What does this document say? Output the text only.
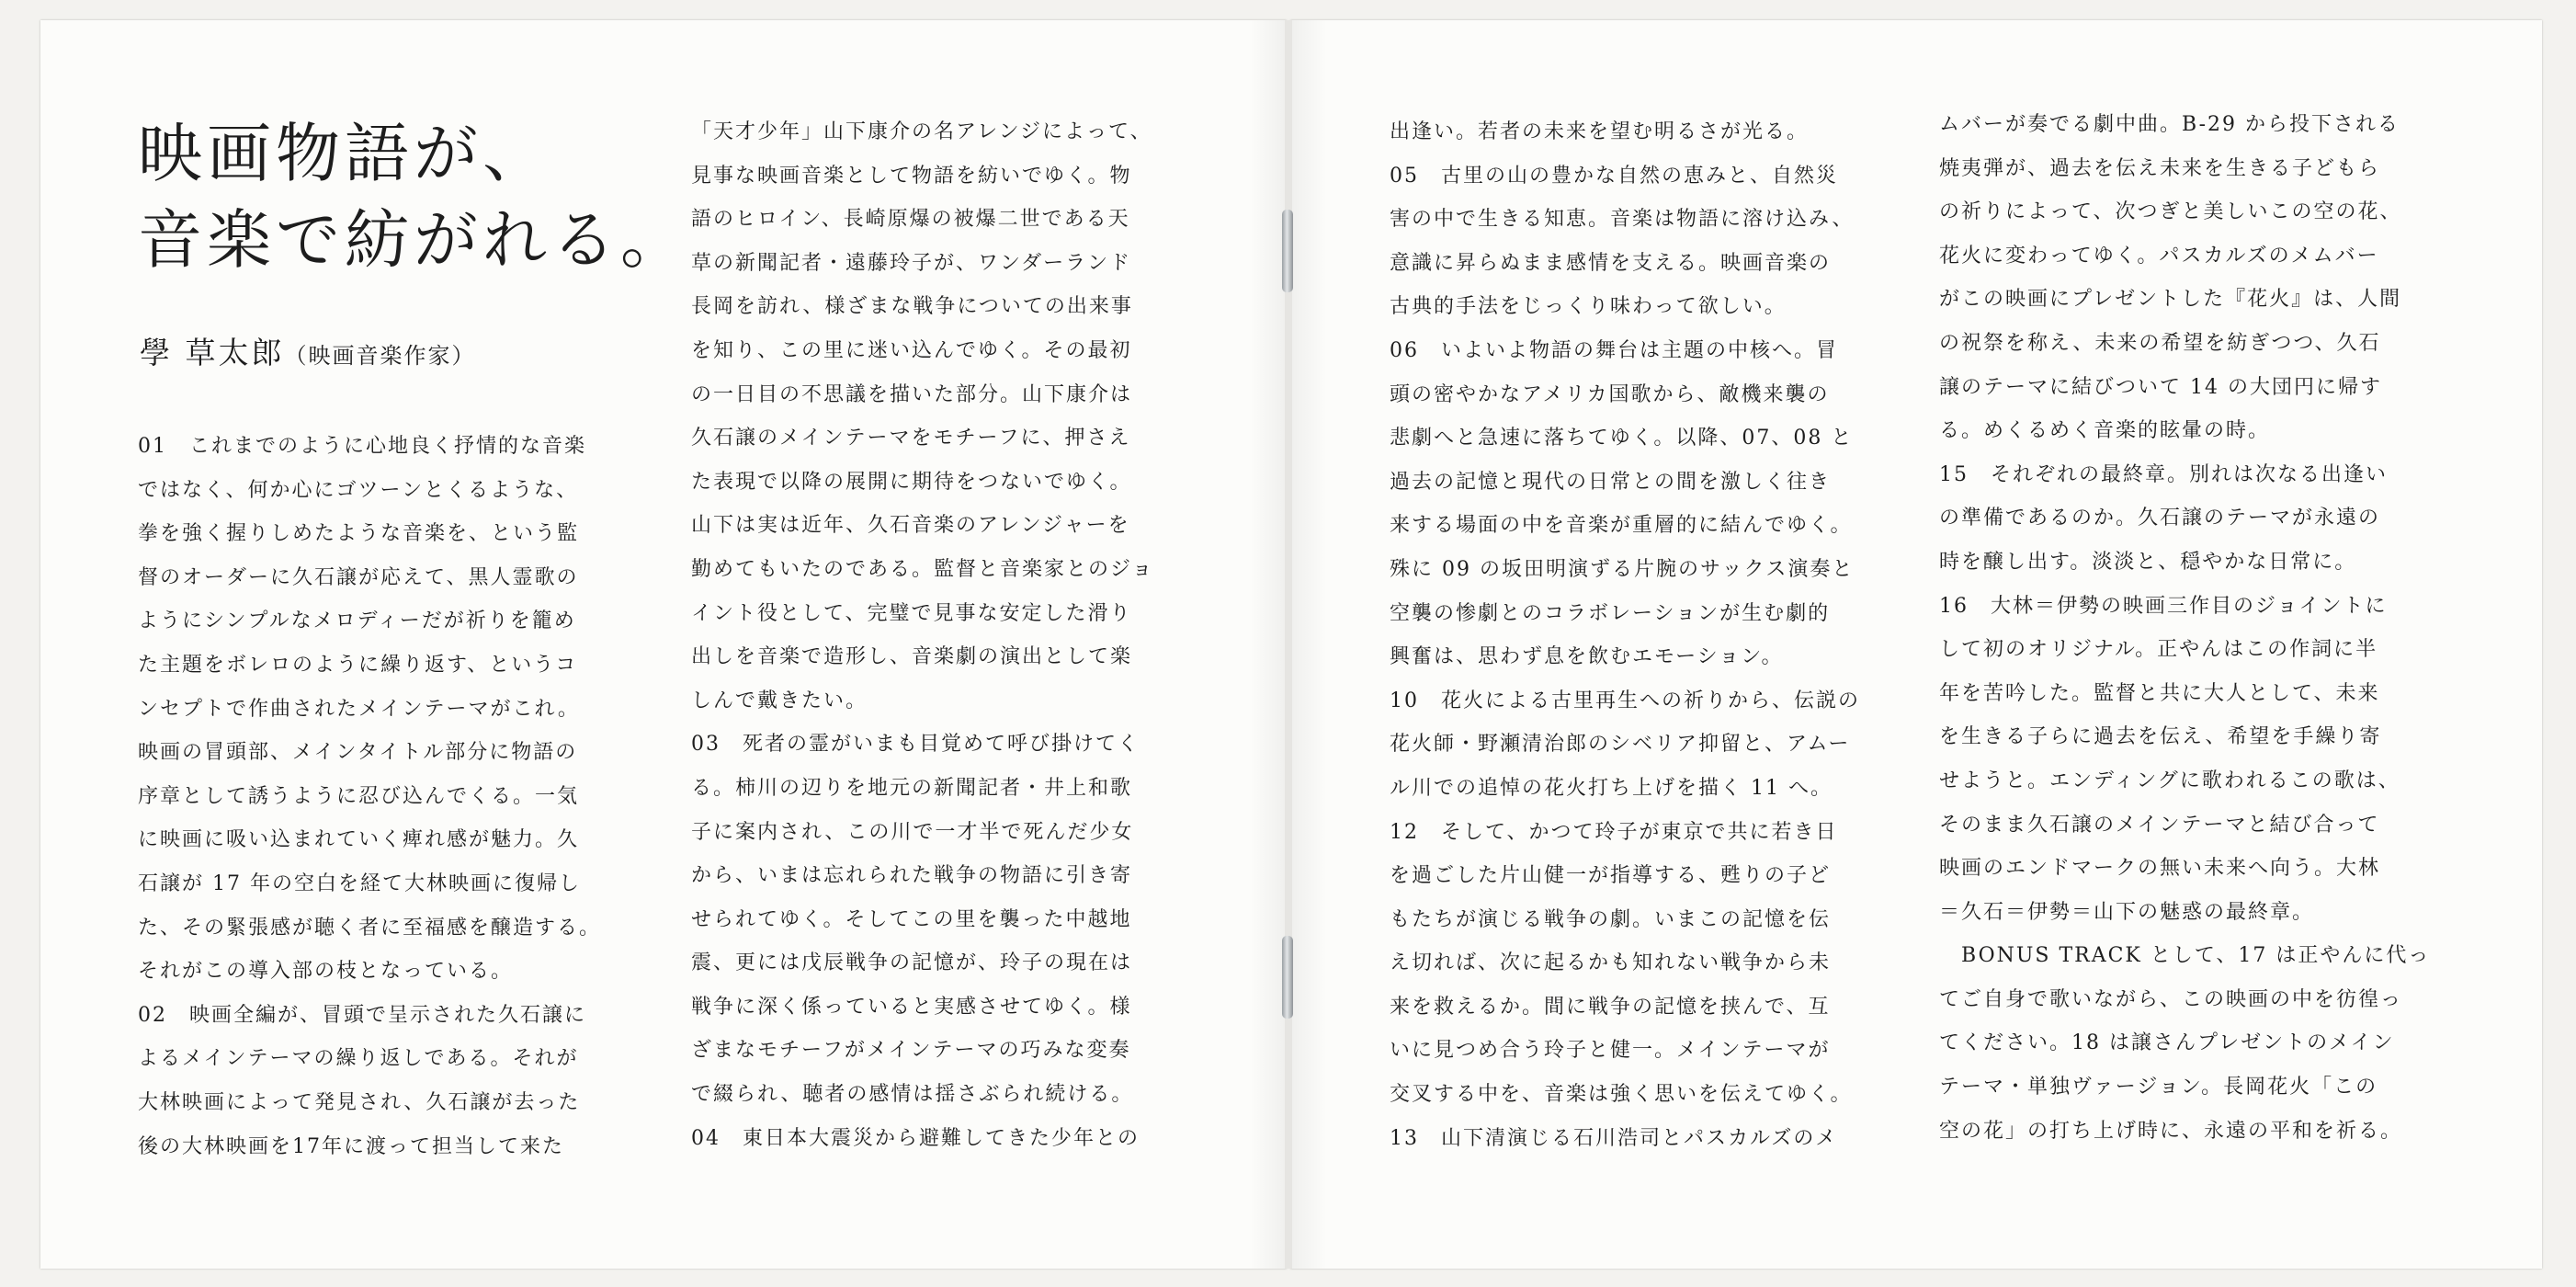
映画物語が、
音楽で紡がれる。
學 草太郎（映画音楽作家）
01　これまでのように心地良く抒情的な音楽
ではなく、何か心にゴツーンとくるような、
拳を強く握りしめたような音楽を、という監
督のオーダーに久石譲が応えて、黒人霊歌の
ようにシンプルなメロディーだが祈りを籠め
た主題をボレロのように繰り返す、というコ
ンセプトで作曲されたメインテーマがこれ。
映画の冒頭部、メインタイトル部分に物語の
序章として誘うように忍び込んでくる。一気
に映画に吸い込まれていく痺れ感が魅力。久
石譲が 17 年の空白を経て大林映画に復帰し
た、その緊張感が聴く者に至福感を醸造する。
それがこの導入部の枝となっている。
02　映画全編が、冒頭で呈示された久石譲に
よるメインテーマの繰り返しである。それが
大林映画によって発見され、久石譲が去った
後の大林映画を17年に渡って担当して来た
「天才少年」山下康介の名アレンジによって、
見事な映画音楽として物語を紡いでゆく。物
語のヒロイン、長崎原爆の被爆二世である天
草の新聞記者・遠藤玲子が、ワンダーランド
長岡を訪れ、様ざまな戦争についての出来事
を知り、この里に迷い込んでゆく。その最初
の一日目の不思議を描いた部分。山下康介は
久石譲のメインテーマをモチーフに、押さえ
た表現で以降の展開に期待をつないでゆく。
山下は実は近年、久石音楽のアレンジャーを
勤めてもいたのである。監督と音楽家とのジョ
イント役として、完璧で見事な安定した滑り
出しを音楽で造形し、音楽劇の演出として楽
しんで戴きたい。
03　死者の霊がいまも目覚めて呼び掛けてく
る。柿川の辺りを地元の新聞記者・井上和歌
子に案内され、この川で一才半で死んだ少女
から、いまは忘れられた戦争の物語に引き寄
せられてゆく。そしてこの里を襲った中越地
震、更には戊辰戦争の記憶が、玲子の現在は
戦争に深く係っていると実感させてゆく。様
ざまなモチーフがメインテーマの巧みな変奏
で綴られ、聴者の感情は揺さぶられ続ける。
04　東日本大震災から避難してきた少年との
出逢い。若者の未来を望む明るさが光る。
05　古里の山の豊かな自然の恵みと、自然災
害の中で生きる知恵。音楽は物語に溶け込み、
意識に昇らぬまま感情を支える。映画音楽の
古典的手法をじっくり味わって欲しい。
06　いよいよ物語の舞台は主題の中核へ。冒
頭の密やかなアメリカ国歌から、敵機来襲の
悲劇へと急速に落ちてゆく。以降、07、08 と
過去の記憶と現代の日常との間を激しく往き
来する場面の中を音楽が重層的に結んでゆく。
殊に 09 の坂田明演ずる片腕のサックス演奏と
空襲の惨劇とのコラボレーションが生む劇的
興奮は、思わず息を飲むエモーション。
10　花火による古里再生への祈りから、伝説の
花火師・野瀬清治郎のシベリア抑留と、アムー
ル川での追悼の花火打ち上げを描く 11 へ。
12　そして、かつて玲子が東京で共に若き日
を過ごした片山健一が指導する、甦りの子ど
もたちが演じる戦争の劇。いまこの記憶を伝
え切れば、次に起るかも知れない戦争から未
来を救えるか。間に戦争の記憶を挟んで、互
いに見つめ合う玲子と健一。メインテーマが
交叉する中を、音楽は強く思いを伝えてゆく。
13　山下清演じる石川浩司とパスカルズのメ
ムバーが奏でる劇中曲。B-29 から投下される
焼夷弾が、過去を伝え未来を生きる子どもら
の祈りによって、次つぎと美しいこの空の花、
花火に変わってゆく。パスカルズのメムバー
がこの映画にプレゼントした『花火』は、人間
の祝祭を称え、未来の希望を紡ぎつつ、久石
譲のテーマに結びついて 14 の大団円に帰す
る。めくるめく音楽的眩暈の時。
15　それぞれの最終章。別れは次なる出逢い
の準備であるのか。久石譲のテーマが永遠の
時を醸し出す。淡淡と、穏やかな日常に。
16　大林＝伊勢の映画三作目のジョイントに
して初のオリジナル。正やんはこの作詞に半
年を苦吟した。監督と共に大人として、未来
を生きる子らに過去を伝え、希望を手繰り寄
せようと。エンディングに歌われるこの歌は、
そのまま久石譲のメインテーマと結び合って
映画のエンドマークの無い未来へ向う。大林
＝久石＝伊勢＝山下の魅惑の最終章。
　BONUS TRACK として、17 は正やんに代っ
てご自身で歌いながら、この映画の中を彷徨っ
てください。18 は譲さんプレゼントのメイン
テーマ・単独ヴァージョン。長岡花火「この
空の花」の打ち上げ時に、永遠の平和を祈る。
